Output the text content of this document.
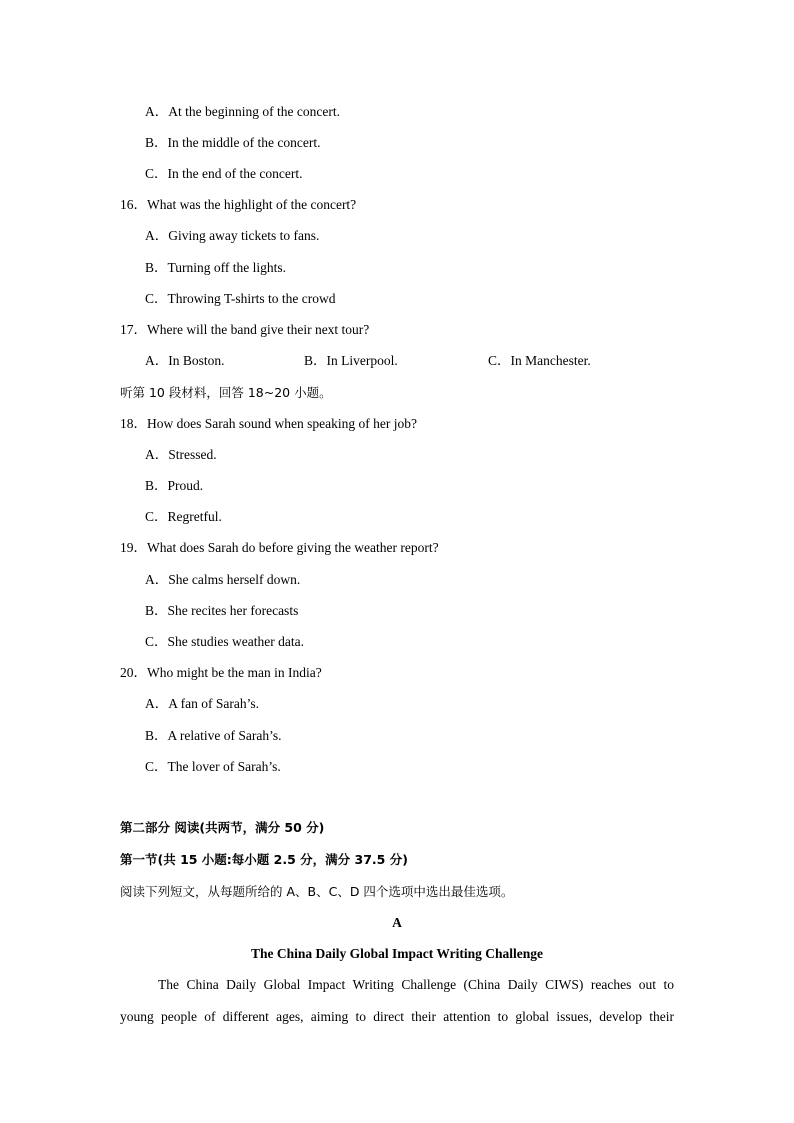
A．At the beginning of the concert.
B．In the middle of the concert.
C．In the end of the concert.
16．What was the highlight of the concert?
A．Giving away tickets to fans.
B．Turning off the lights.
C．Throwing T-shirts to the crowd
17．Where will the band give their next tour?
A．In Boston.	B．In Liverpool.	C．In Manchester.
听第 10 段材料，回答 18~20 小题。
18．How does Sarah sound when speaking of her job?
A．Stressed.
B．Proud.
C．Regretful.
19．What does Sarah do before giving the weather report?
A．She calms herself down.
B．She recites her forecasts
C．She studies weather data.
20．Who might be the man in India?
A．A fan of Sarah’s.
B．A relative of Sarah’s.
C．The lover of Sarah’s.
第二部分 阅读(共两节，满分 50 分)
第一节(共 15 小题:每小题 2.5 分，满分 37.5 分)
阅读下列短文，从每题所给的 A、B、C、D 四个选项中选出最佳选项。
A
The China Daily Global Impact Writing Challenge
The China Daily Global Impact Writing Challenge (China Daily CIWS) reaches out to
young people of different ages, aiming to direct their attention to global issues, develop their
